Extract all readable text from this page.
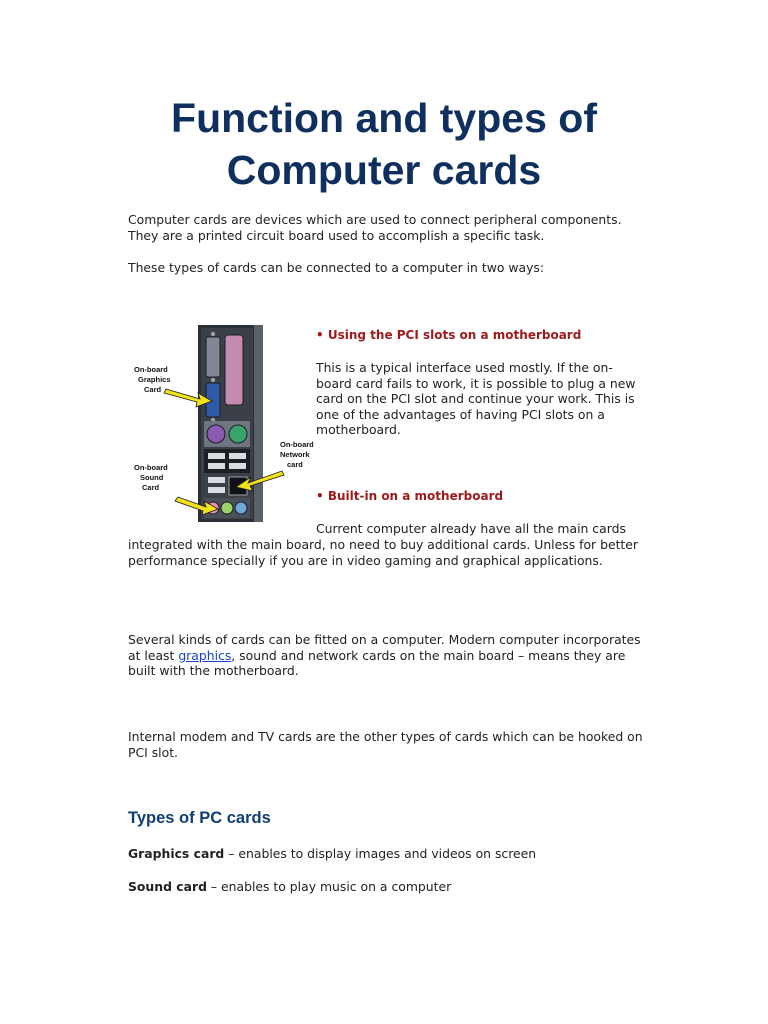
Function and types of
Computer cards

Computer cards are devices which are used to connect peripheral components. They are a printed circuit board used to accomplish a specific task.

These types of cards can be connected to a computer in two ways:

On-board Graphics Card
On-board Sound Card
On-board Network card

• Using the PCI slots on a motherboard

This is a typical interface used mostly. If the on-board card fails to work, it is possible to plug a new card on the PCI slot and continue your work. This is one of the advantages of having PCI slots on a motherboard.

• Built-in on a motherboard

Current computer already have all the main cards

integrated with the main board, no need to buy additional cards. Unless for better performance specially if you are in video gaming and graphical applications.

Several kinds of cards can be fitted on a computer. Modern computer incorporates at least graphics, sound and network cards on the main board – means they are built with the motherboard.

Internal modem and TV cards are the other types of cards which can be hooked on PCI slot.

Types of PC cards

Graphics card – enables to display images and videos on screen

Sound card – enables to play music on a computer
